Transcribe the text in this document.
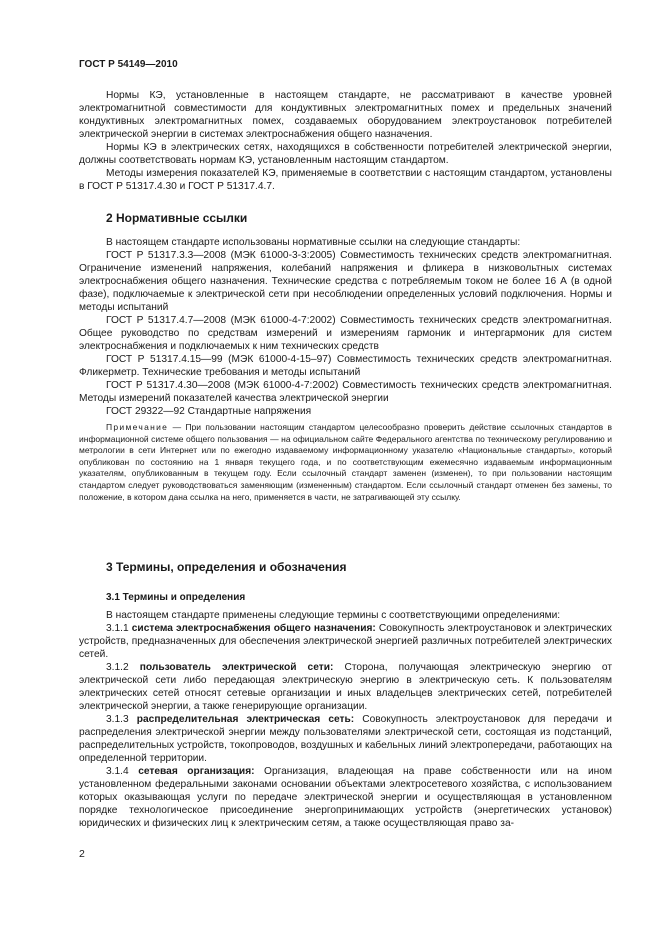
ГОСТ Р 54149—2010

Нормы КЭ, установленные в настоящем стандарте, не рассматривают в качестве уровней электромагнитной совместимости для кондуктивных электромагнитных помех и предельных значений кондуктивных электромагнитных помех, создаваемых оборудованием электроустановок потребителей электрической энергии в системах электроснабжения общего назначения.

Нормы КЭ в электрических сетях, находящихся в собственности потребителей электрической энергии, должны соответствовать нормам КЭ, установленным настоящим стандартом.

Методы измерения показателей КЭ, применяемые в соответствии с настоящим стандартом, установлены в ГОСТ Р 51317.4.30 и ГОСТ Р 51317.4.7.

2 Нормативные ссылки

В настоящем стандарте использованы нормативные ссылки на следующие стандарты:

ГОСТ Р 51317.3.3—2008 (МЭК 61000-3-3:2005) Совместимость технических средств электромагнитная. Ограничение изменений напряжения, колебаний напряжения и фликера в низковольтных системах электроснабжения общего назначения. Технические средства с потребляемым током не более 16 А (в одной фазе), подключаемые к электрической сети при несоблюдении определенных условий подключения. Нормы и методы испытаний

ГОСТ Р 51317.4.7—2008 (МЭК 61000-4-7:2002) Совместимость технических средств электромагнитная. Общее руководство по средствам измерений и измерениям гармоник и интергармоник для систем электроснабжения и подключаемых к ним технических средств

ГОСТ Р 51317.4.15—99 (МЭК 61000-4-15–97) Совместимость технических средств электромагнитная. Фликерметр. Технические требования и методы испытаний

ГОСТ Р 51317.4.30—2008 (МЭК 61000-4-7:2002) Совместимость технических средств электромагнитная. Методы измерений показателей качества электрической энергии

ГОСТ 29322—92 Стандартные напряжения

Примечание — При пользовании настоящим стандартом целесообразно проверить действие ссылочных стандартов в информационной системе общего пользования — на официальном сайте Федерального агентства по техническому регулированию и метрологии в сети Интернет или по ежегодно издаваемому информационному указателю «Национальные стандарты», который опубликован по состоянию на 1 января текущего года, и по соответствующим ежемесячно издаваемым информационным указателям, опубликованным в текущем году. Если ссылочный стандарт заменен (изменен), то при пользовании настоящим стандартом следует руководствоваться заменяющим (измененным) стандартом. Если ссылочный стандарт отменен без замены, то положение, в котором дана ссылка на него, применяется в части, не затрагивающей эту ссылку.

3 Термины, определения и обозначения
3.1 Термины и определения

В настоящем стандарте применены следующие термины с соответствующими определениями:

3.1.1 система электроснабжения общего назначения: Совокупность электроустановок и электрических устройств, предназначенных для обеспечения электрической энергией различных потребителей электрических сетей.

3.1.2 пользователь электрической сети: Сторона, получающая электрическую энергию от электрической сети либо передающая электрическую энергию в электрическую сеть. К пользователям электрических сетей относят сетевые организации и иных владельцев электрических сетей, потребителей электрической энергии, а также генерирующие организации.

3.1.3 распределительная электрическая сеть: Совокупность электроустановок для передачи и распределения электрической энергии между пользователями электрической сети, состоящая из подстанций, распределительных устройств, токопроводов, воздушных и кабельных линий электропередачи, работающих на определенной территории.

3.1.4 сетевая организация: Организация, владеющая на праве собственности или на ином установленном федеральными законами основании объектами электросетевого хозяйства, с использованием которых оказывающая услуги по передаче электрической энергии и осуществляющая в установленном порядке технологическое присоединение энергопринимающих устройств (энергетических установок) юридических и физических лиц к электрическим сетям, а также осуществляющая право за-

2
